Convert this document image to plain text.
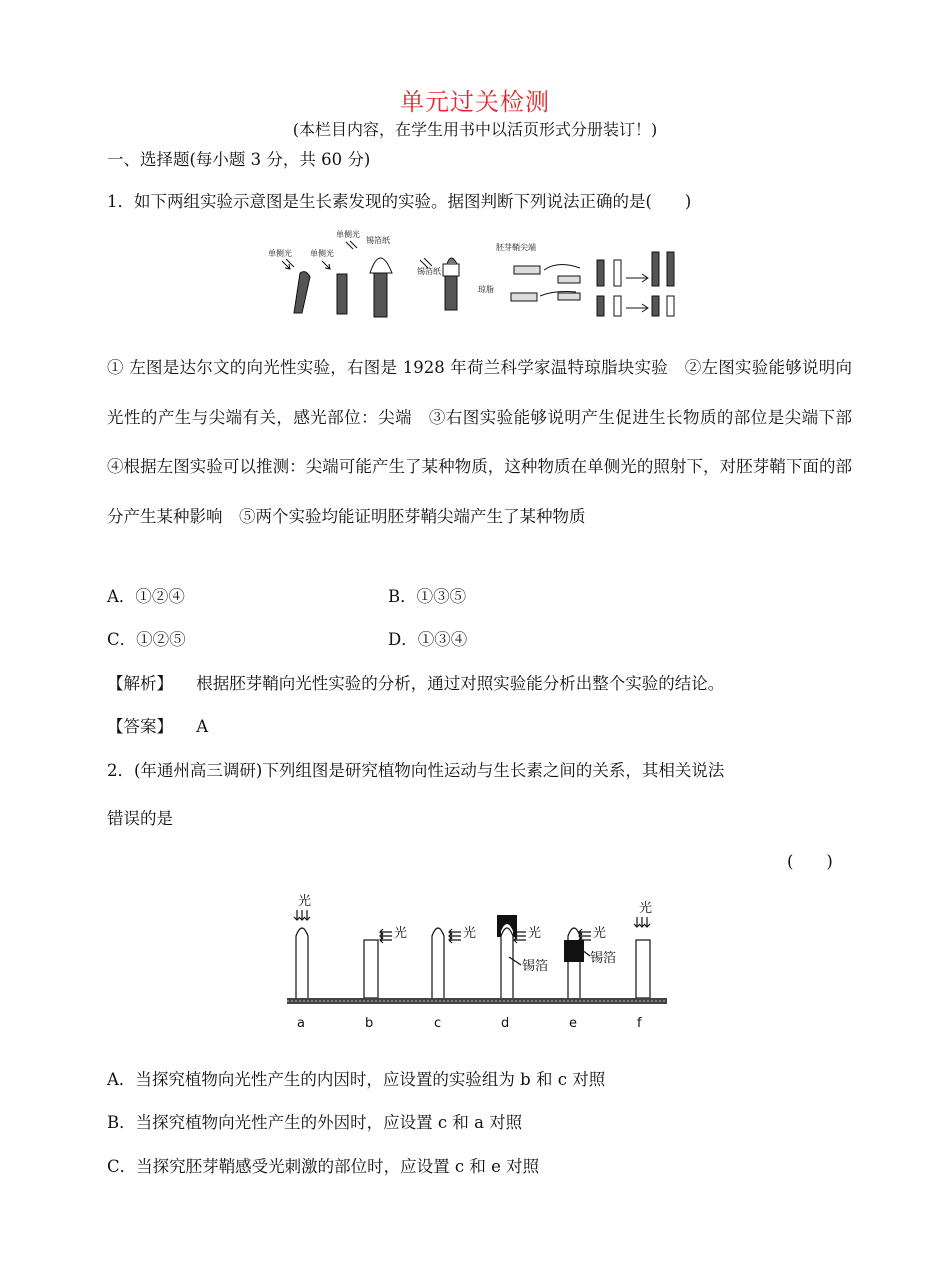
单元过关检测
(本栏目内容，在学生用书中以活页形式分册装订！)
一、选择题(每小题 3 分，共 60 分)
1．如下两组实验示意图是生长素发现的实验。据图判断下列说法正确的是(　　)
单侧光 单侧光
单侧光
锡箔纸
锡箔纸
胚芽鞘尖端
琼脂
① 左图是达尔文的向光性实验，右图是 1928 年荷兰科学家温特琼脂块实验　②左图实验能够说明向光性的产生与尖端有关，感光部位：尖端　③右图实验能够说明产生促进生长物质的部位是尖端下部　④根据左图实验可以推测：尖端可能产生了某种物质，这种物质在单侧光的照射下，对胚芽鞘下面的部分产生某种影响　⑤两个实验均能证明胚芽鞘尖端产生了某种物质
A．①②④	B．①③⑤
C．①②⑤	D．①③④
【解析】 根据胚芽鞘向光性实验的分析，通过对照实验能分析出整个实验的结论。
【答案】 A
2．(年通州高三调研)下列组图是研究植物向性运动与生长素之间的关系，其相关说法
错误的是
(　　)
光
光	光	光	光
光
锡箔
锡箔
a	b	c	d	e	f
A．当探究植物向光性产生的内因时，应设置的实验组为 b 和 c 对照
B．当探究植物向光性产生的外因时，应设置 c 和 a 对照
C．当探究胚芽鞘感受光刺激的部位时，应设置 c 和 e 对照
